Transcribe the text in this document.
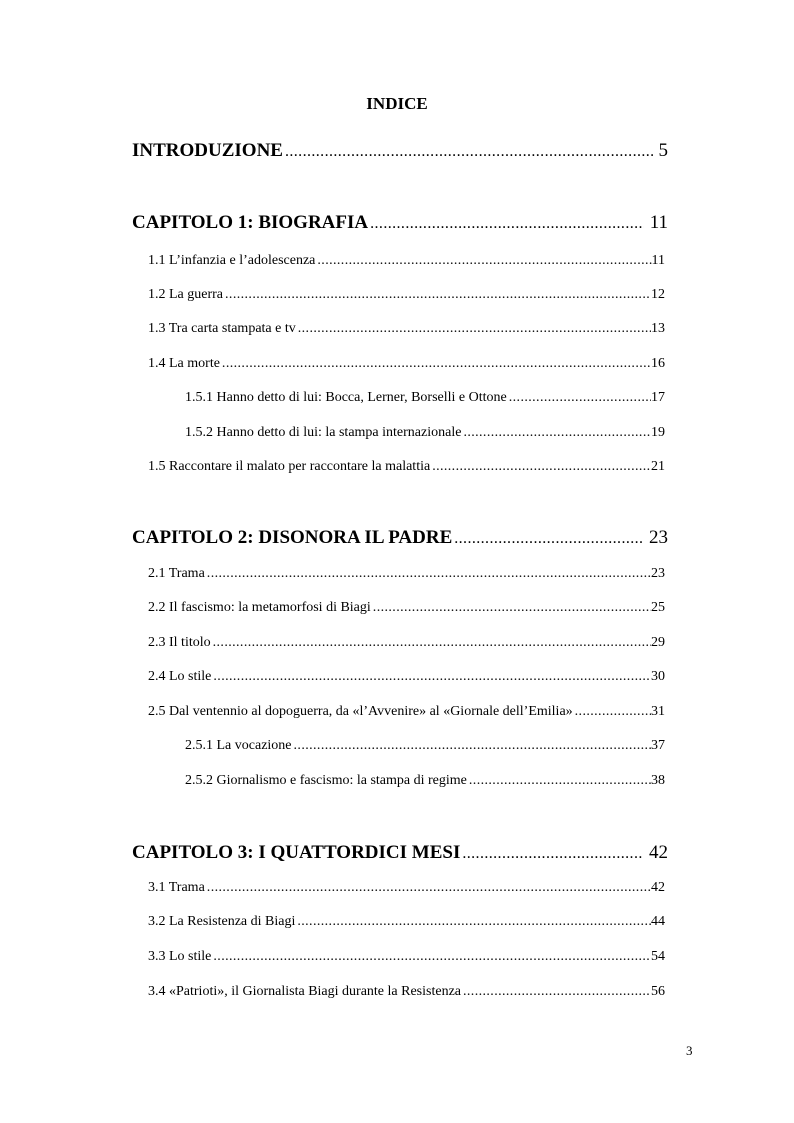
INDICE
INTRODUZIONE .....	5
CAPITOLO 1: BIOGRAFIA .....	11
1.1 L’infanzia e l’adolescenza .....	11
1.2 La guerra .....	12
1.3 Tra carta stampata e tv .....	13
1.4 La morte .....	16
1.5.1 Hanno detto di lui: Bocca, Lerner, Borselli e Ottone .....	17
1.5.2 Hanno detto di lui: la stampa internazionale .....	19
1.5 Raccontare il malato per raccontare la malattia .....	21
CAPITOLO 2: DISONORA IL PADRE .....	23
2.1 Trama .....	23
2.2 Il fascismo: la metamorfosi di Biagi .....	25
2.3 Il titolo .....	29
2.4 Lo stile .....	30
2.5 Dal ventennio al dopoguerra, da «l’Avvenire» al «Giornale dell’Emilia» .....	31
2.5.1 La vocazione .....	37
2.5.2 Giornalismo e fascismo: la stampa di regime .....	38
CAPITOLO 3: I QUATTORDICI MESI .....	42
3.1 Trama .....	42
3.2 La Resistenza di Biagi .....	44
3.3 Lo stile .....	54
3.4 «Patrioti», il Giornalista Biagi durante la Resistenza .....	56
3
